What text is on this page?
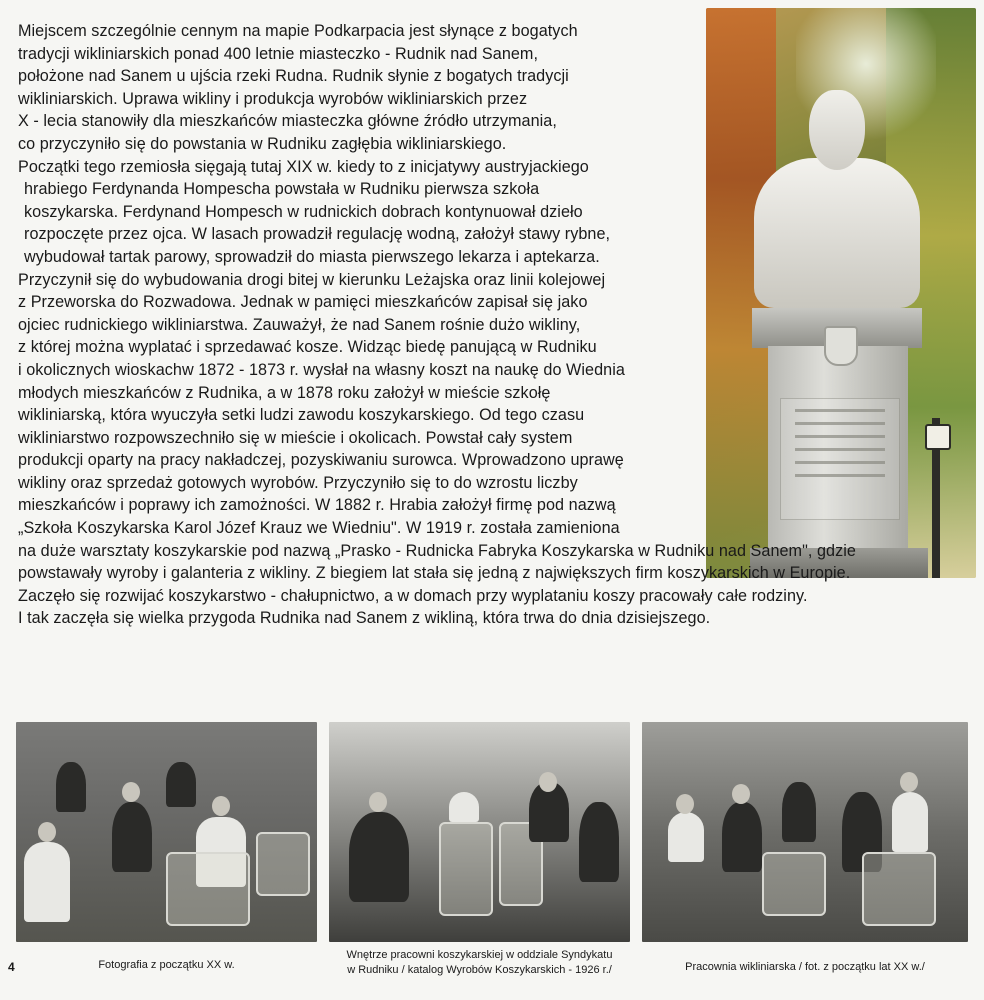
Miejscem szczególnie cennym na mapie Podkarpacia jest słynące z bogatych
tradycji wikliniarskich ponad 400 letnie miasteczko - Rudnik nad Sanem,
położone nad Sanem u ujścia rzeki Rudna. Rudnik słynie z bogatych tradycji
wikliniarskich. Uprawa wikliny i produkcja wyrobów wikliniarskich przez
X - lecia stanowiły dla mieszkańców miasteczka główne źródło utrzymania,
co przyczyniło się do powstania w Rudniku zagłębia wikliniarskiego.
Początki tego rzemiosła sięgają tutaj XIX w. kiedy to z inicjatywy austryjackiego
hrabiego Ferdynanda Hompescha powstała w Rudniku pierwsza szkoła
koszykarska. Ferdynand Hompesch w rudnickich dobrach kontynuował dzieło
rozpoczęte przez ojca. W lasach prowadził regulację wodną, założył stawy rybne,
wybudował tartak parowy, sprowadził do miasta pierwszego lekarza i aptekarza.
Przyczynił się do wybudowania drogi bitej w kierunku Leżajska oraz linii kolejowej
z Przeworska do Rozwadowa. Jednak w pamięci mieszkańców zapisał się jako
ojciec rudnickiego wikliniarstwa. Zauważył, że nad Sanem rośnie dużo wikliny,
z której można wyplatać i sprzedawać kosze. Widząc biedę panującą w Rudniku
i okolicznych wioskachw 1872 - 1873 r. wysłał na własny koszt na naukę do Wiednia
młodych mieszkańców z Rudnika, a w 1878 roku założył w mieście szkołę
wikliniarską, która wyuczyła setki ludzi zawodu koszykarskiego. Od tego czasu
wikliniarstwo rozpowszechniło się w mieście i okolicach. Powstał cały system
produkcji oparty na pracy nakładczej, pozyskiwaniu surowca. Wprowadzono uprawę
wikliny oraz sprzedaż gotowych wyrobów. Przyczyniło się to do wzrostu liczby
mieszkańców i poprawy ich zamożności. W 1882 r. Hrabia założył firmę pod nazwą
„Szkoła Koszykarska Karol Józef Krauz we Wiedniu". W 1919 r. została zamieniona
na duże warsztaty koszykarskie pod nazwą „Prasko - Rudnicka Fabryka Koszykarska w Rudniku nad Sanem", gdzie
powstawały wyroby i galanteria z wikliny. Z biegiem lat stała się jedną z największych firm koszykarskich w Europie.
Zaczęło się rozwijać koszykarstwo - chałupnictwo, a w domach przy wyplataniu koszy pracowały całe rodziny.
I tak zaczęła się wielka przygoda Rudnika nad Sanem z wikliną, która trwa do dnia dzisiejszego.
4	Fotografia z początku XX w.
Wnętrze pracowni koszykarskiej w oddziale Syndykatu
w Rudniku / katalog Wyrobów Koszykarskich - 1926 r./	Pracownia wikliniarska / fot. z początku lat XX w./
